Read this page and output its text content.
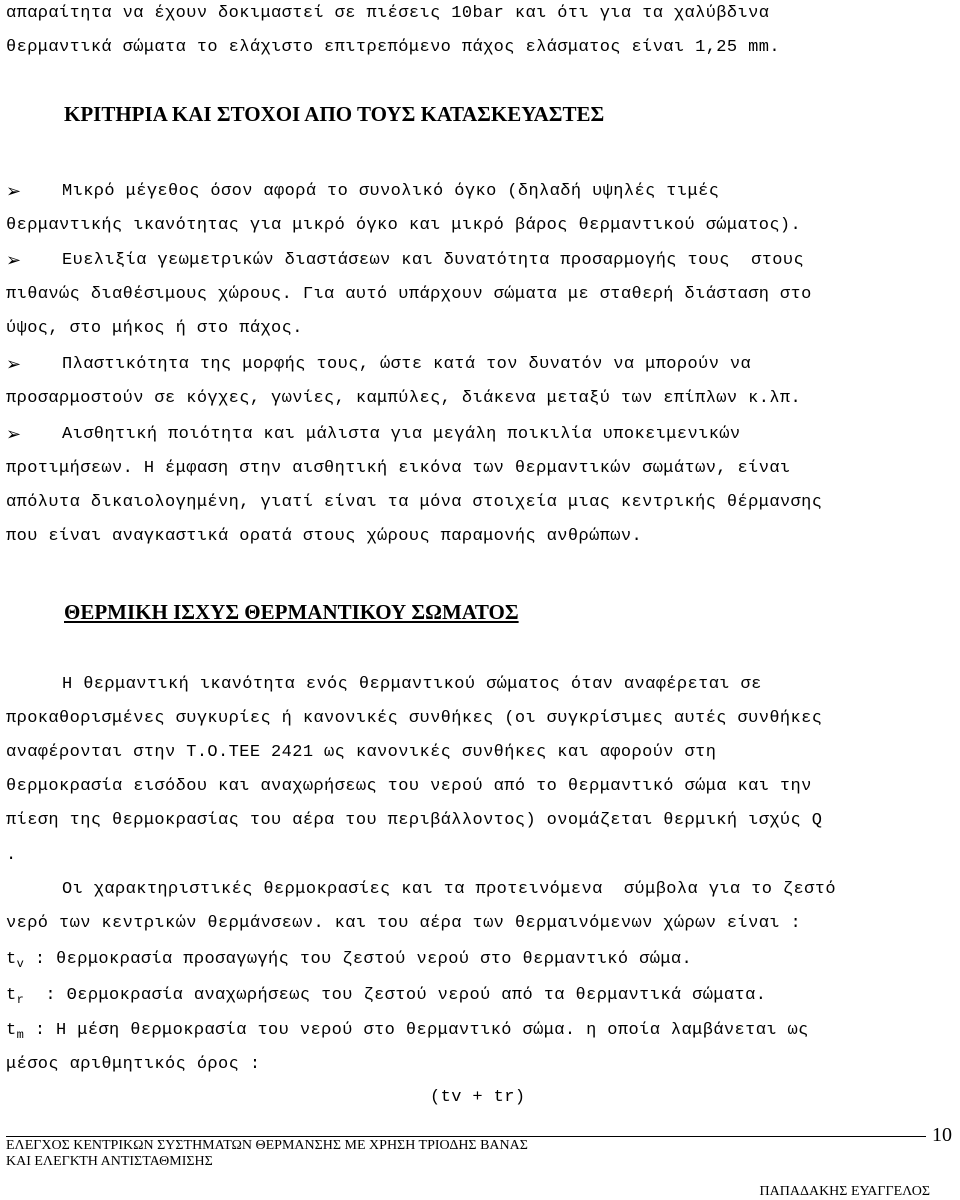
απαραίτητα να έχουν δοκιμαστεί σε πιέσεις 10bar και ότι για τα χαλύβδινα
θερμαντικά σώματα το ελάχιστο επιτρεπόμενο πάχος ελάσματος είναι 1,25 mm.
ΚΡΙΤΗΡΙΑ ΚΑΙ ΣΤΟΧΟΙ ΑΠΟ ΤΟΥΣ ΚΑΤΑΣΚΕΥΑΣΤΕΣ
➢ Μικρό μέγεθος όσον αφορά το συνολικό όγκο (δηλαδή υψηλές τιμές
θερμαντικής ικανότητας για μικρό όγκο και μικρό βάρος θερμαντικού σώματος).
➢ Ευελιξία γεωμετρικών διαστάσεων και δυνατότητα προσαρμογής τους  στους
πιθανώς διαθέσιμους χώρους. Για αυτό υπάρχουν σώματα με σταθερή διάσταση στο
ύψος, στο μήκος ή στο πάχος.
➢ Πλαστικότητα της μορφής τους, ώστε κατά τον δυνατόν να μπορούν να
προσαρμοστούν σε κόγχες, γωνίες, καμπύλες, διάκενα μεταξύ των επίπλων κ.λπ.
➢ Αισθητική ποιότητα και μάλιστα για μεγάλη ποικιλία υποκειμενικών
προτιμήσεων. Η έμφαση στην αισθητική εικόνα των θερμαντικών σωμάτων, είναι
απόλυτα δικαιολογημένη, γιατί είναι τα μόνα στοιχεία μιας κεντρικής θέρμανσης
που είναι αναγκαστικά ορατά στους χώρους παραμονής ανθρώπων.
ΘΕΡΜΙΚΗ ΙΣΧΥΣ ΘΕΡΜΑΝΤΙΚΟΥ ΣΩΜΑΤΟΣ
Η θερμαντική ικανότητα ενός θερμαντικού σώματος όταν αναφέρεται σε
προκαθορισμένες συγκυρίες ή κανονικές συνθήκες (οι συγκρίσιμες αυτές συνθήκες
αναφέρονται στην Τ.Ο.ΤΕΕ 2421 ως κανονικές συνθήκες και αφορούν στη
θερμοκρασία εισόδου και αναχωρήσεως του νερού από το θερμαντικό σώμα και την
πίεση της θερμοκρασίας του αέρα του περιβάλλοντος) ονομάζεται θερμική ισχύς Q
.
Οι χαρακτηριστικές θερμοκρασίες και τα προτεινόμενα  σύμβολα για το ζεστό
νερό των κεντρικών θερμάνσεων. και του αέρα των θερμαινόμενων χώρων είναι :
$t_v$ : θερμοκρασία προσαγωγής του ζεστού νερού στο θερμαντικό σώμα.
$t_r$  : Θερμοκρασία αναχωρήσεως του ζεστού νερού από τα θερμαντικά σώματα.
$t_m$ : Η μέση θερμοκρασία του νερού στο θερμαντικό σώμα. η οποία λαμβάνεται ως
μέσος αριθμητικός όρος :
(tv + tr)
ΕΛΕΓΧΟΣ ΚΕΝΤΡΙΚΩΝ ΣΥΣΤΗΜΑΤΩΝ ΘΕΡΜΑΝΣΗΣ ΜΕ ΧΡΗΣΗ ΤΡΙΟΔΗΣ ΒΑΝΑΣ
ΚΑΙ ΕΛΕΓΚΤΗ ΑΝΤΙΣΤΑΘΜΙΣΗΣ
10
ΠΑΠΑΔΑΚΗΣ ΕΥΑΓΓΕΛΟΣ
